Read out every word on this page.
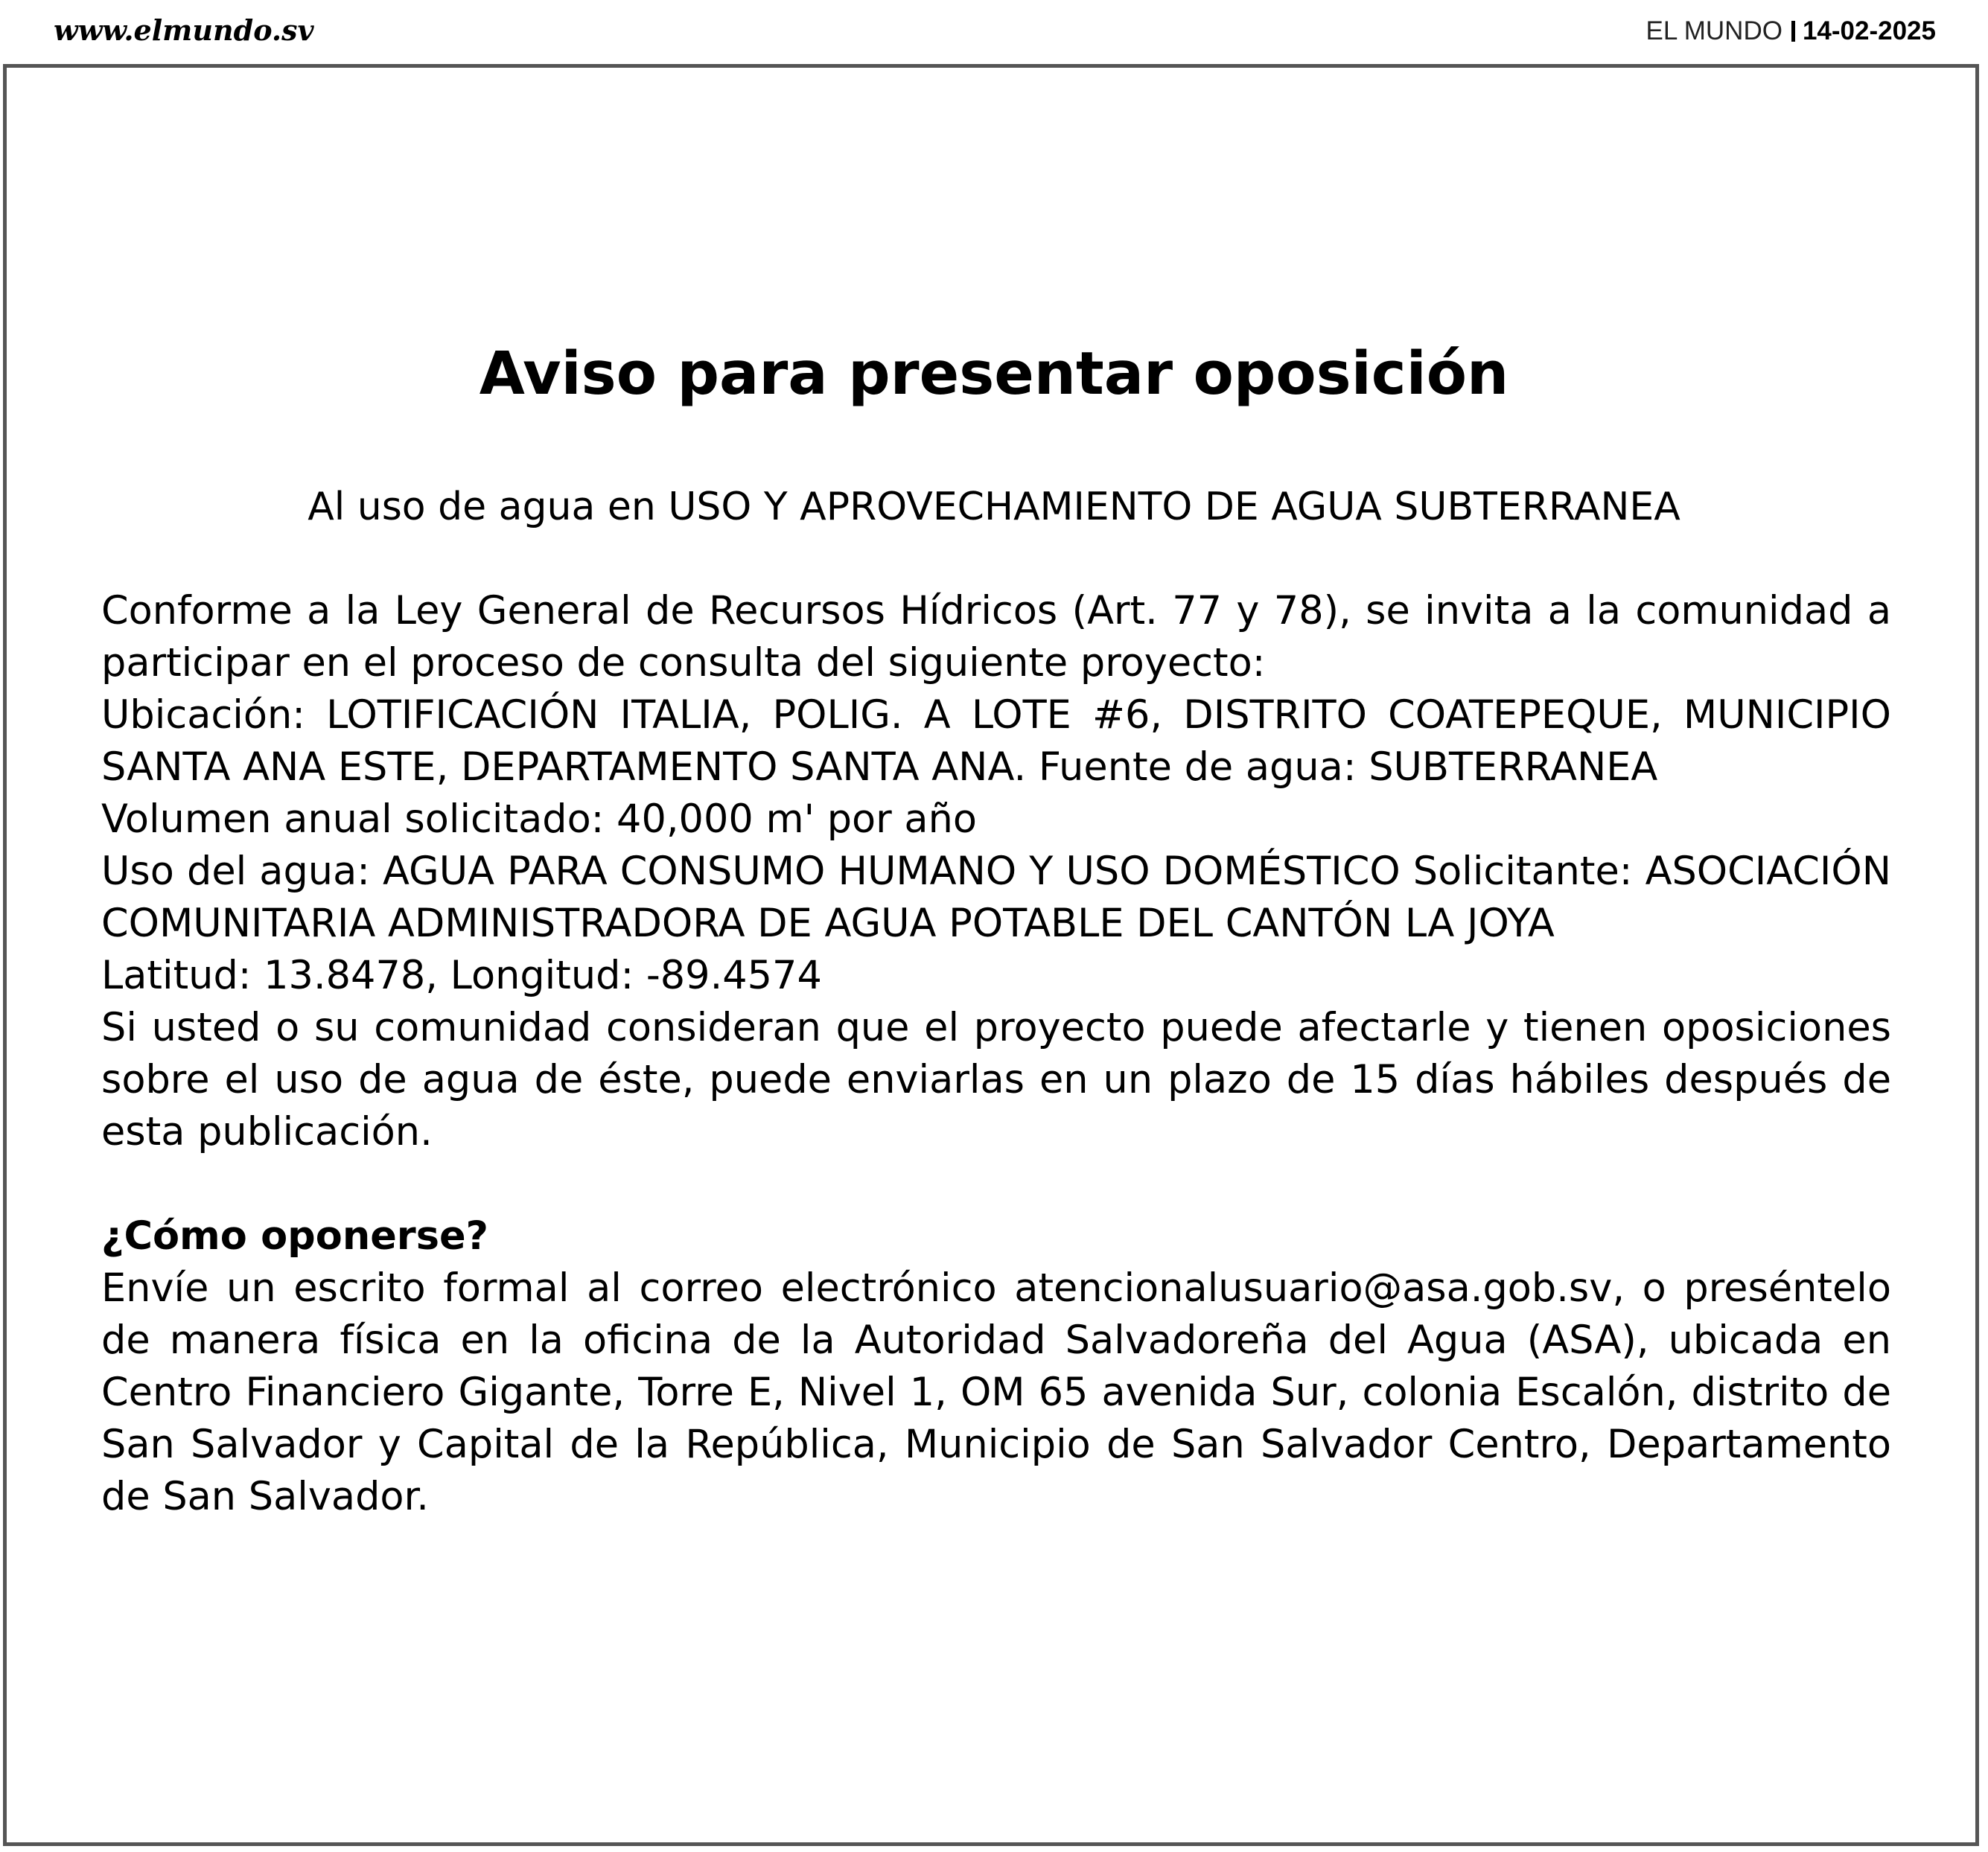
www.elmundo.sv	EL MUNDO 14-02-2025
Aviso para presentar oposición
Al uso de agua en USO Y APROVECHAMIENTO DE AGUA SUBTERRANEA

Conforme a la Ley General de Recursos Hídricos (Art. 77 y 78), se invita a la comunidad a participar en el proceso de consulta del siguiente proyecto:

Ubicación: LOTIFICACIÓN ITALIA, POLIG. A LOTE #6, DISTRITO COATEPEQUE, MUNICIPIO SANTA ANA ESTE, DEPARTAMENTO SANTA ANA. Fuente de agua: SUBTERRANEA

Volumen anual solicitado: 40,000 m' por año

Uso del agua: AGUA PARA CONSUMO HUMANO Y USO DOMÉSTICO Solicitante: ASOCIACIÓN COMUNITARIA ADMINISTRADORA DE AGUA POTABLE DEL CANTÓN LA JOYA

Latitud: 13.8478, Longitud: -89.4574

Si usted o su comunidad consideran que el proyecto puede afectarle y tienen oposiciones sobre el uso de agua de éste, puede enviarlas en un plazo de 15 días hábiles después de esta publicación.

¿Cómo oponerse?

Envíe un escrito formal al correo electrónico atencionalusuario@asa.gob.sv, o preséntelo de manera física en la oficina de la Autoridad Salvadoreña del Agua (ASA), ubicada en Centro Financiero Gigante, Torre E, Nivel 1, OM 65 avenida Sur, colonia Escalón, distrito de San Salvador y Capital de la República, Municipio de San Salvador Centro, Departamento de San Salvador.
